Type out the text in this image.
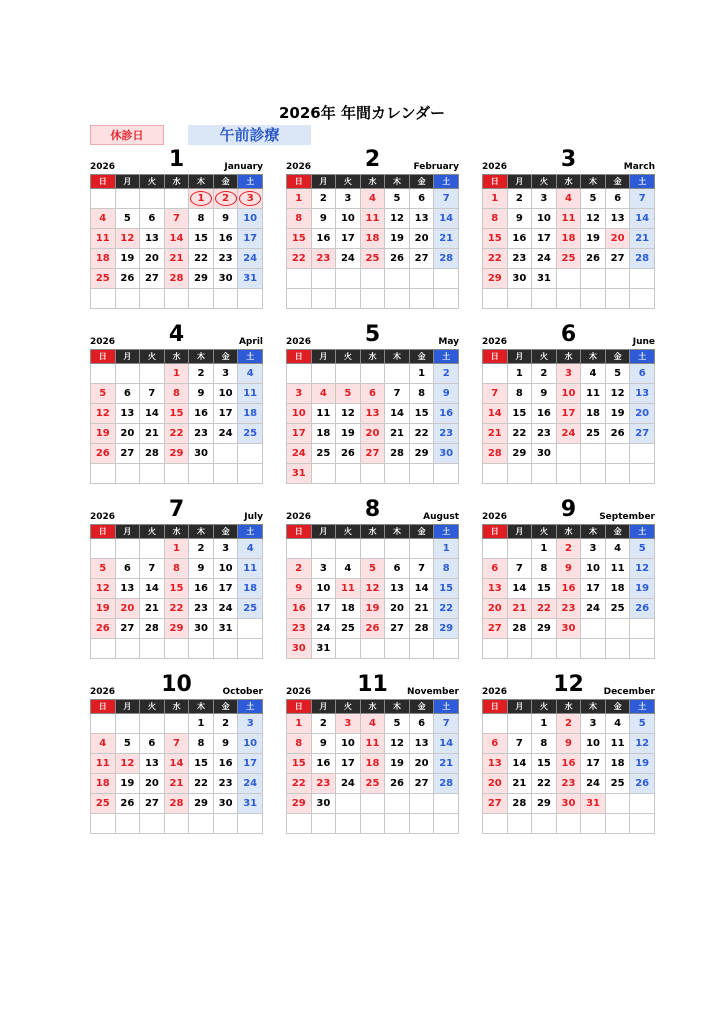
2026年 年間カレンダー
休診日	午前診療
2026	1	January
日	月	火	水	木	金	土
				1	2	3
4	5	6	7	8	9	10
11	12	13	14	15	16	17
18	19	20	21	22	23	24
25	26	27	28	29	30	31

2026	2	February
日	月	火	水	木	金	土
1	2	3	4	5	6	7
8	9	10	11	12	13	14
15	16	17	18	19	20	21
22	23	24	25	26	27	28

2026	3	March
日	月	火	水	木	金	土
1	2	3	4	5	6	7
8	9	10	11	12	13	14
15	16	17	18	19	20	21
22	23	24	25	26	27	28
29	30	31				

2026	4	April
日	月	火	水	木	金	土
			1	2	3	4
5	6	7	8	9	10	11
12	13	14	15	16	17	18
19	20	21	22	23	24	25
26	27	28	29	30		

2026	5	May
日	月	火	水	木	金	土
					1	2
3	4	5	6	7	8	9
10	11	12	13	14	15	16
17	18	19	20	21	22	23
24	25	26	27	28	29	30
31						
2026	6	June
日	月	火	水	木	金	土
	1	2	3	4	5	6
7	8	9	10	11	12	13
14	15	16	17	18	19	20
21	22	23	24	25	26	27
28	29	30				

2026	7	July
日	月	火	水	木	金	土
			1	2	3	4
5	6	7	8	9	10	11
12	13	14	15	16	17	18
19	20	21	22	23	24	25
26	27	28	29	30	31	

2026	8	August
日	月	火	水	木	金	土
						1
2	3	4	5	6	7	8
9	10	11	12	13	14	15
16	17	18	19	20	21	22
23	24	25	26	27	28	29
30	31					
2026	9	September
日	月	火	水	木	金	土
		1	2	3	4	5
6	7	8	9	10	11	12
13	14	15	16	17	18	19
20	21	22	23	24	25	26
27	28	29	30			

2026	10	October
日	月	火	水	木	金	土
				1	2	3
4	5	6	7	8	9	10
11	12	13	14	15	16	17
18	19	20	21	22	23	24
25	26	27	28	29	30	31

2026	11	November
日	月	火	水	木	金	土
1	2	3	4	5	6	7
8	9	10	11	12	13	14
15	16	17	18	19	20	21
22	23	24	25	26	27	28
29	30					

2026	12	December
日	月	火	水	木	金	土
		1	2	3	4	5
6	7	8	9	10	11	12
13	14	15	16	17	18	19
20	21	22	23	24	25	26
27	28	29	30	31		
